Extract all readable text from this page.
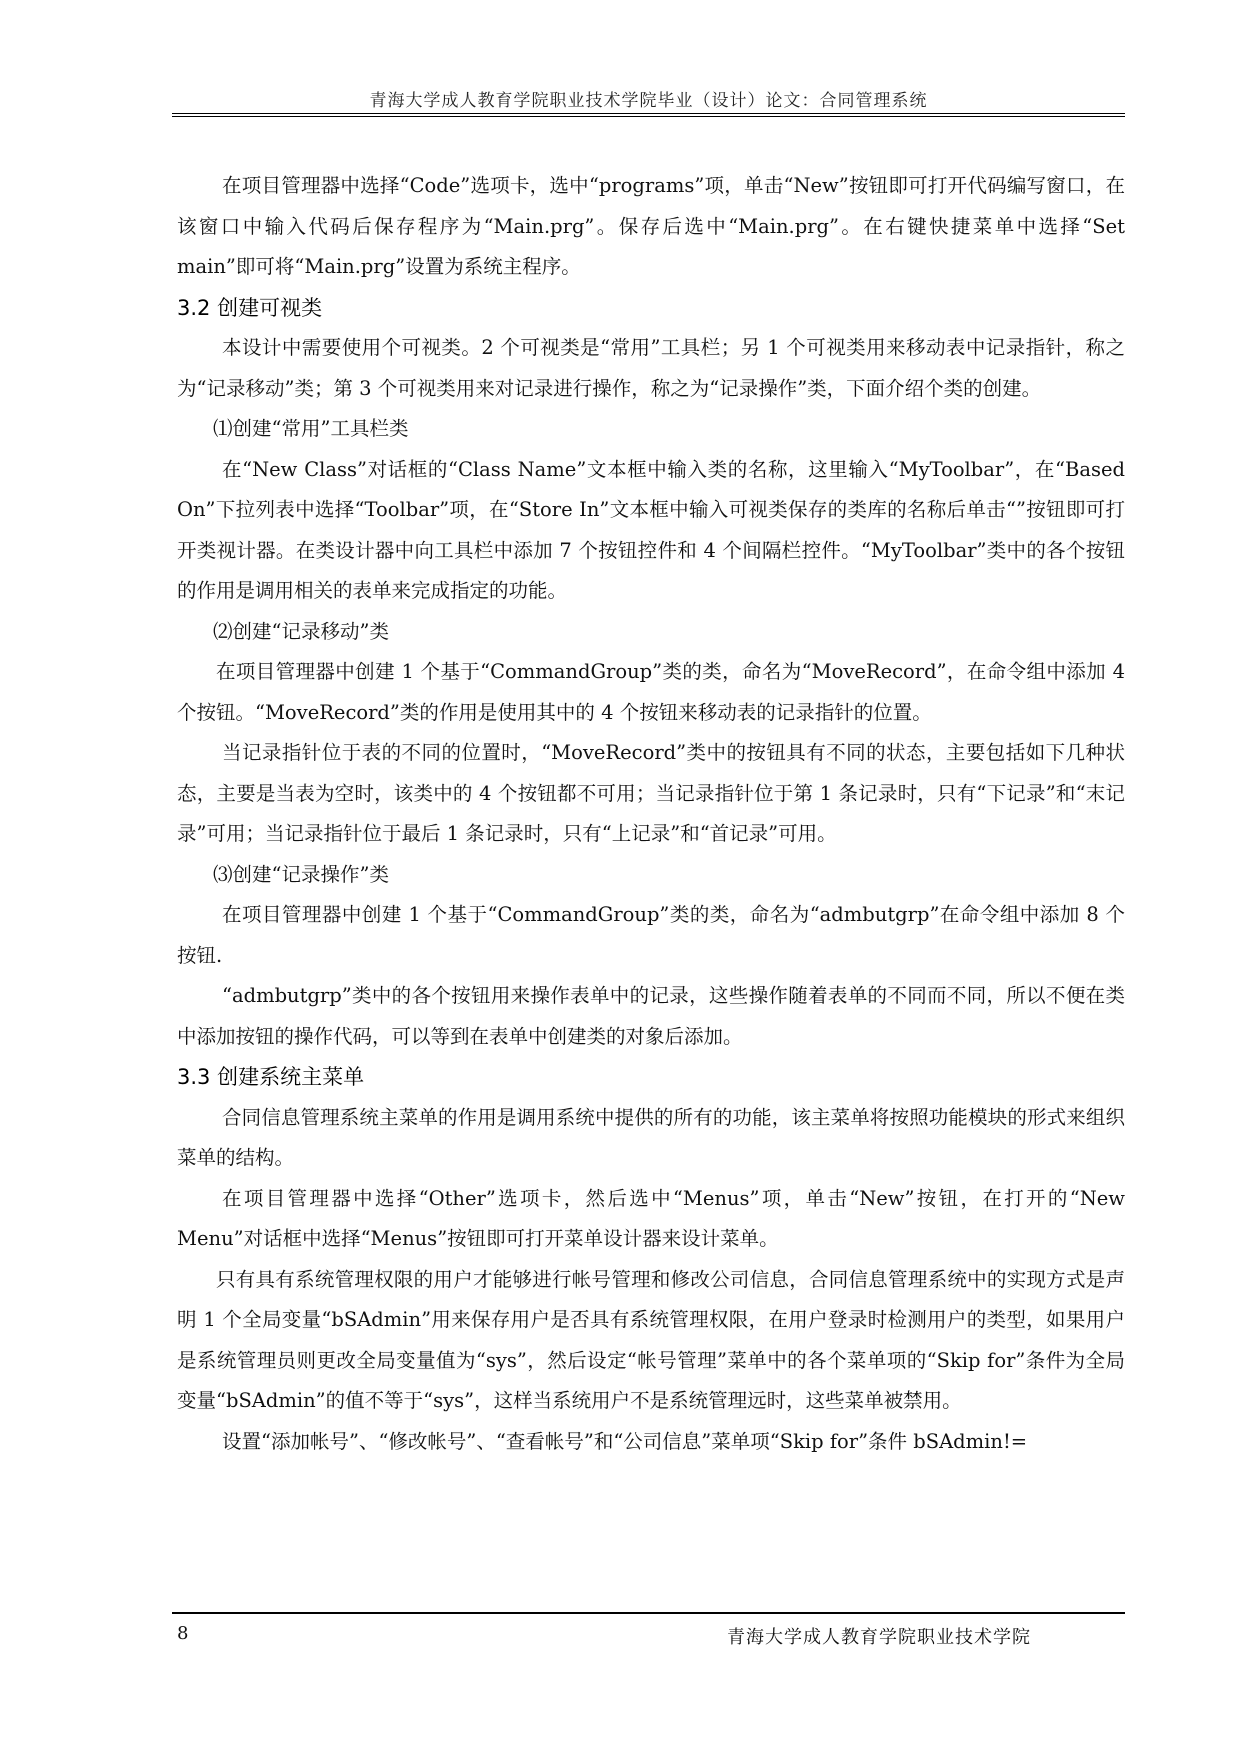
青海大学成人教育学院职业技术学院毕业（设计）论文：合同管理系统

在项目管理器中选择“Code”选项卡，选中“programs”项，单击“New”按钮即可打开代码编写窗口，在该窗口中输入代码后保存程序为“Main.prg”。保存后选中“Main.prg”。在右键快捷菜单中选择“Set main”即可将“Main.prg”设置为系统主程序。

3.2 创建可视类

本设计中需要使用个可视类。2 个可视类是“常用”工具栏；另 1 个可视类用来移动表中记录指针，称之为“记录移动”类；第 3 个可视类用来对记录进行操作，称之为“记录操作”类，下面介绍个类的创建。

⑴创建“常用”工具栏类

在“New Class”对话框的“Class Name”文本框中输入类的名称，这里输入“MyToolbar”，在“Based On”下拉列表中选择“Toolbar”项，在“Store In”文本框中输入可视类保存的类库的名称后单击“”按钮即可打开类视计器。在类设计器中向工具栏中添加 7 个按钮控件和 4 个间隔栏控件。“MyToolbar”类中的各个按钮的作用是调用相关的表单来完成指定的功能。

⑵创建“记录移动”类

在项目管理器中创建 1 个基于“CommandGroup”类的类，命名为“MoveRecord”，在命令组中添加 4 个按钮。“MoveRecord”类的作用是使用其中的 4 个按钮来移动表的记录指针的位置。

当记录指针位于表的不同的位置时，“MoveRecord”类中的按钮具有不同的状态，主要包括如下几种状态，主要是当表为空时，该类中的 4 个按钮都不可用；当记录指针位于第 1 条记录时，只有“下记录”和“末记录”可用；当记录指针位于最后 1 条记录时，只有“上记录”和“首记录”可用。

⑶创建“记录操作”类

在项目管理器中创建 1 个基于“CommandGroup”类的类，命名为“admbutgrp”在命令组中添加 8 个按钮.

“admbutgrp”类中的各个按钮用来操作表单中的记录，这些操作随着表单的不同而不同，所以不便在类中添加按钮的操作代码，可以等到在表单中创建类的对象后添加。

3.3 创建系统主菜单

合同信息管理系统主菜单的作用是调用系统中提供的所有的功能，该主菜单将按照功能模块的形式来组织菜单的结构。

在项目管理器中选择“Other”选项卡，然后选中“Menus”项，单击“New”按钮，在打开的“New Menu”对话框中选择“Menus”按钮即可打开菜单设计器来设计菜单。

只有具有系统管理权限的用户才能够进行帐号管理和修改公司信息，合同信息管理系统中的实现方式是声明 1 个全局变量“bSAdmin”用来保存用户是否具有系统管理权限，在用户登录时检测用户的类型，如果用户是系统管理员则更改全局变量值为“sys”，然后设定“帐号管理”菜单中的各个菜单项的“Skip for”条件为全局变量“bSAdmin”的值不等于“sys”，这样当系统用户不是系统管理远时，这些菜单被禁用。

设置“添加帐号”、“修改帐号”、“查看帐号”和“公司信息”菜单项“Skip for”条件 bSAdmin!=

8	青海大学成人教育学院职业技术学院
